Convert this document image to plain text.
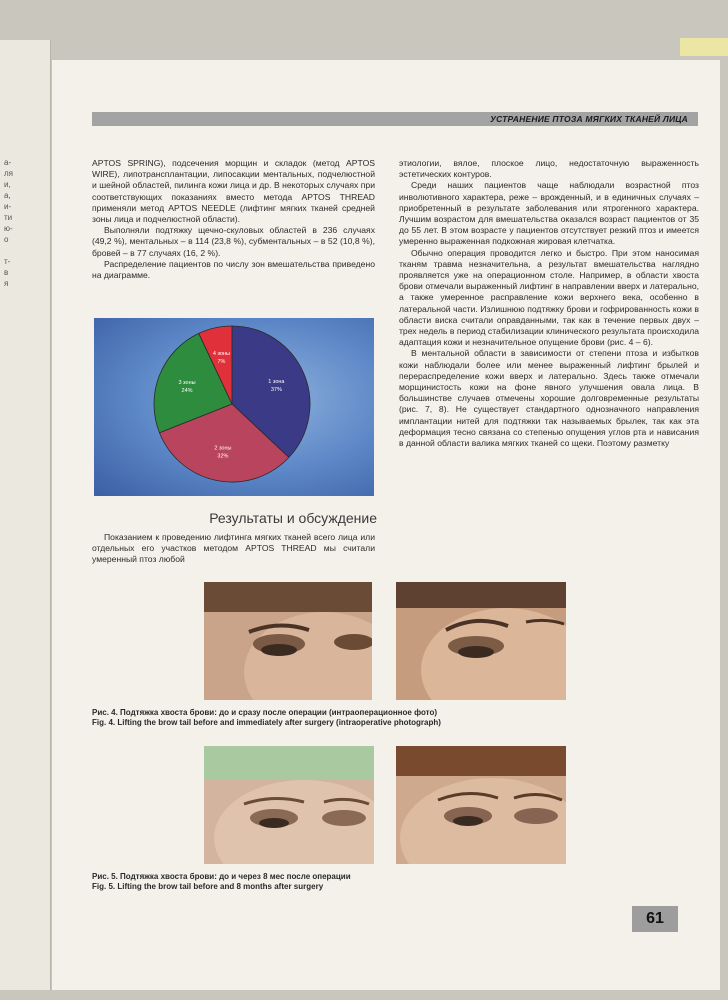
а-
ля
и,
а,
и-
ти
ю-
о
т-
в
я
УСТРАНЕНИЕ ПТОЗА МЯГКИХ ТКАНЕЙ ЛИЦА

APTOS SPRING), подсечения морщин и складок (метод APTOS WIRE), липотрансплантации, липосакции ментальных, подчелюстной и шейной областей, пилинга кожи лица и др. В некоторых случаях при соответствующих показаниях вместо метода APTOS THREAD применяли метод APTOS NEEDLE (лифтинг мягких тканей средней зоны лица и подчелюстной области).

Выполняли подтяжку щечно-скуловых областей в 236 случаях (49,2 %), ментальных – в 114 (23,8 %), субментальных – в 52 (10,8 %), бровей – в 77 случаях (16, 2 %).

Распределение пациентов по числу зон вмешательства приведено на диаграмме.

1 зона
37%
2 зоны
32%
3 зоны
24%
4 зоны
7%
Результаты и обсуждение

Показанием к проведению лифтинга мягких тканей всего лица или отдельных его участков методом APTOS THREAD мы считали умеренный птоз любой

этиологии, вялое, плоское лицо, недостаточную выраженность эстетических контуров.

Среди наших пациентов чаще наблюдали возрастной птоз инволютивного характера, реже – врожденный, и в единичных случаях – приобретенный в результате заболевания или ятрогенного характера. Лучшим возрастом для вмешательства оказался возраст пациентов от 35 до 55 лет. В этом возрасте у пациентов отсутствует резкий птоз и имеется умеренно выраженная подкожная жировая клетчатка.

Обычно операция проводится легко и быстро. При этом наносимая тканям травма незначительна, а результат вмешательства наглядно проявляется уже на операционном столе. Например, в области хвоста брови отмечали выраженный лифтинг в направлении вверх и латерально, а также умеренное расправление кожи верхнего века, особенно в латеральной части. Излишнюю подтяжку брови и гофрированность кожи в области виска считали оправданными, так как в течение первых двух – трех недель в период стабилизации клинического результата происходила адаптация кожи и незначительное опущение брови (рис. 4 – 6).

В ментальной области в зависимости от степени птоза и избытков кожи наблюдали более или менее выраженный лифтинг брылей и перераспределение кожи вверх и латерально. Здесь также отмечали морщинистость кожи на фоне явного улучшения овала лица. В большинстве случаев отмечены хорошие долговременные результаты (рис. 7, 8). Не существует стандартного однозначного направления имплантации нитей для подтяжки так называемых брылек, так как эта деформация тесно связана со степенью опущения углов рта и нависания в данной области валика мягких тканей со щеки. Поэтому разметку

Рис. 4. Подтяжка хвоста брови: до и сразу после операции (интраоперационное фото)
Fig. 4. Lifting the brow tail before and immediately after surgery (intraoperative photograph)
Рис. 5. Подтяжка хвоста брови: до и через 8 мес после операции
Fig. 5. Lifting the brow tail before and 8 months after surgery
61
